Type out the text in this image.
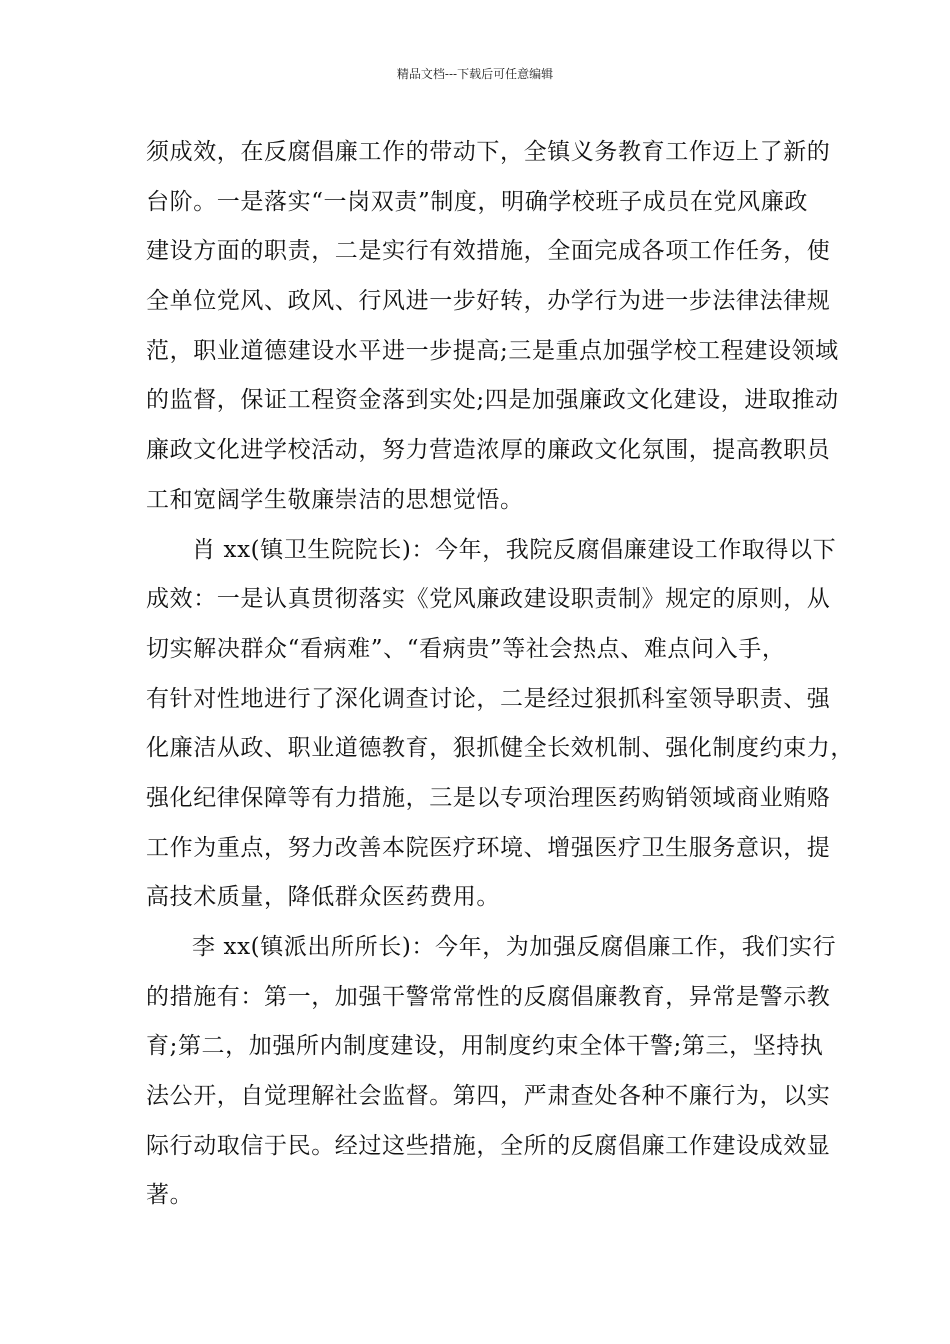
精品文档---下载后可任意编辑
须成效，在反腐倡廉工作的带动下，全镇义务教育工作迈上了新的
台阶。一是落实“一岗双责”制度，明确学校班子成员在党风廉政
建设方面的职责，二是实行有效措施，全面完成各项工作任务，使
全单位党风、政风、行风进一步好转，办学行为进一步法律法律规
范，职业道德建设水平进一步提高;三是重点加强学校工程建设领域
的监督，保证工程资金落到实处;四是加强廉政文化建设，进取推动
廉政文化进学校活动，努力营造浓厚的廉政文化氛围，提高教职员
工和宽阔学生敬廉崇洁的思想觉悟。
肖 xx(镇卫生院院长)：今年，我院反腐倡廉建设工作取得以下
成效：一是认真贯彻落实《党风廉政建设职责制》规定的原则，从
切实解决群众“看病难”、“看病贵”等社会热点、难点问入手，
有针对性地进行了深化调查讨论，二是经过狠抓科室领导职责、强
化廉洁从政、职业道德教育，狠抓健全长效机制、强化制度约束力，
强化纪律保障等有力措施，三是以专项治理医药购销领域商业贿赂
工作为重点，努力改善本院医疗环境、增强医疗卫生服务意识，提
高技术质量，降低群众医药费用。
李 xx(镇派出所所长)：今年，为加强反腐倡廉工作，我们实行
的措施有：第一，加强干警常常性的反腐倡廉教育，异常是警示教
育;第二，加强所内制度建设，用制度约束全体干警;第三，坚持执
法公开，自觉理解社会监督。第四，严肃查处各种不廉行为，以实
际行动取信于民。经过这些措施，全所的反腐倡廉工作建设成效显
著。
